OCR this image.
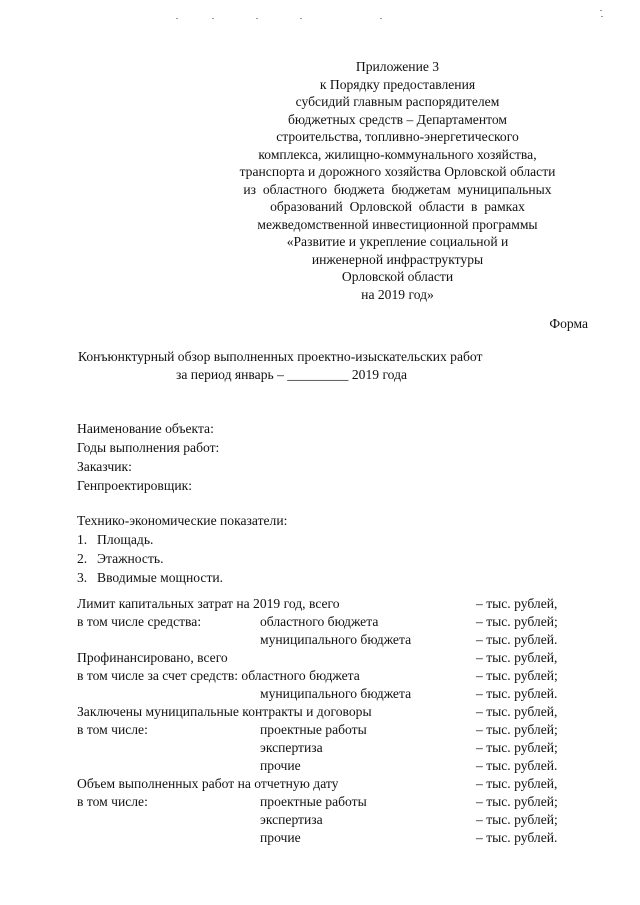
Приложение 3
к Порядку предоставления
субсидий главным распорядителем
бюджетных средств – Департаментом
строительства, топливно-энергетического
комплекса, жилищно-коммунального хозяйства,
транспорта и дорожного хозяйства Орловской области
из  областного  бюджета  бюджетам  муниципальных
образований  Орловской  области  в  рамках
межведомственной инвестиционной программы
«Развитие и укрепление социальной и
инженерной инфраструктуры
Орловской области
на 2019 год»
Форма
Конъюнктурный обзор выполненных проектно-изыскательских работ
за период январь – _________ 2019 года
Наименование объекта:
Годы выполнения работ:
Заказчик:
Генпроектировщик:
Технико-экономические показатели:
1. Площадь.
2. Этажность.
3. Вводимые мощности.
Лимит капитальных затрат на 2019 год, всего	– тыс. рублей,
в том числе средства:	областного бюджета	– тыс. рублей;
муниципального бюджета	– тыс. рублей.
Профинансировано, всего	– тыс. рублей,
в том числе за счет средств: областного бюджета	– тыс. рублей;
муниципального бюджета	– тыс. рублей.
Заключены муниципальные контракты и договоры	– тыс. рублей,
в том числе:	проектные работы	– тыс. рублей;
экспертиза	– тыс. рублей;
прочие	– тыс. рублей.
Объем выполненных работ на отчетную дату	– тыс. рублей,
в том числе:	проектные работы	– тыс. рублей;
экспертиза	– тыс. рублей;
прочие	– тыс. рублей.
